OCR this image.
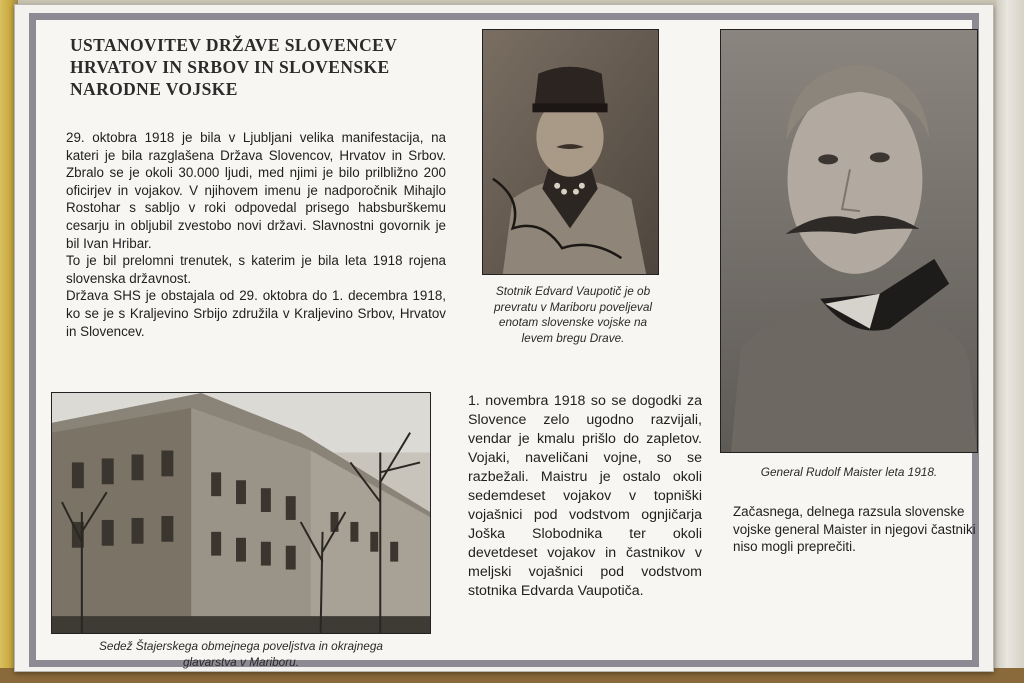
USTANOVITEV DRŽAVE SLOVENCEV HRVATOV IN SRBOV IN SLOVENSKE NARODNE VOJSKE

29. oktobra 1918 je bila v Ljubljani velika manifestacija, na kateri je bila razglašena Država Slovencov, Hrvatov in Srbov. Zbralo se je okoli 30.000 ljudi, med njimi je bilo prilbližno 200 oficirjev in vojakov. V njihovem imenu je nadporočnik Mihajlo Rostohar s sabljo v roki odpovedal prisego habsburškemu cesarju in obljubil zvestobo novi državi. Slavnostni govornik je bil Ivan Hribar.

To je bil prelomni trenutek, s katerim je bila leta 1918 rojena slovenska državnost.

Država SHS je obstajala od 29. oktobra do 1. decembra 1918, ko se je s Kraljevino Srbijo združila v Kraljevino Srbov, Hrvatov in Slovencev.

Stotnik Edvard Vaupotič je ob prevratu v Mariboru poveljeval enotam slovenske vojske na levem bregu Drave.
General Rudolf Maister leta 1918.
Sedež Štajerskega obmejnega poveljstva in okrajnega glavarstva v Mariboru.
1. novembra 1918 so se dogodki za Slovence zelo ugodno razvijali, vendar je kmalu prišlo do zapletov. Vojaki, naveličani vojne, so se razbežali. Maistru je ostalo okoli sedemdeset vojakov v topniški vojašnici pod vodstvom ognjičarja Joška Slobodnika ter okoli devetdeset vojakov in častnikov v meljski vojašnici pod vodstvom stotnika Edvarda Vaupotiča.
Začasnega, delnega razsula slovenske vojske general Maister in njegovi častniki niso mogli preprečiti.
